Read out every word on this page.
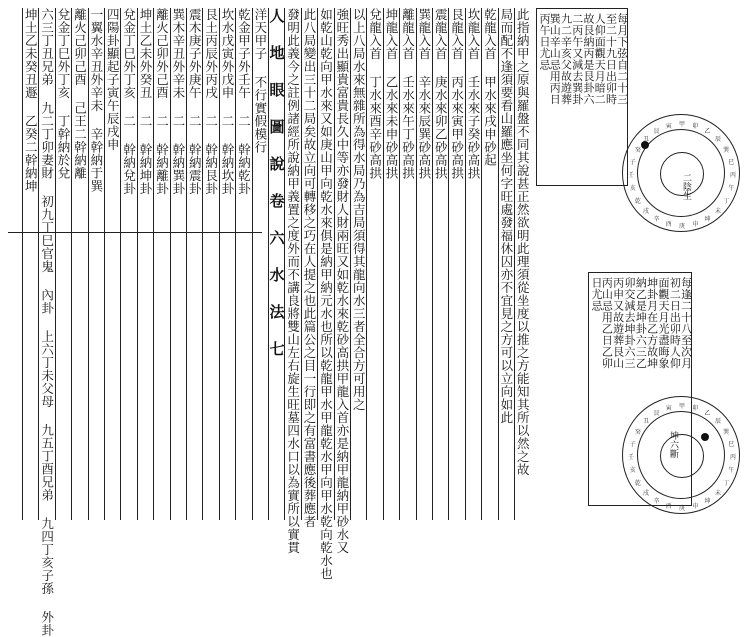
此指納甲之原與羅盤不同其說甚正然欲明此理須從坐度以推之方能知其所以然之故
局而配不逢須要看山羅應坐何字旺處發福休囚亦不宜見之方可以立向如此
乾龍入首 甲水來戌申砂起
坎龍入首 壬水來子癸砂高拱
艮龍入首 丙水來寅甲砂高拱
震龍入首 庚水來卯乙砂高拱
巽龍入首 辛水來辰巽砂高拱
離龍入首 壬水來午丁砂高拱
坤龍入首 乙水來未申砂高拱
兌龍入首 丁水來酉辛砂高拱
以上八局水來無雜所為得水局乃為吉局須得其龍向水三者全合方可用之
強旺秀出顯貴富貴長久中等亦發財人財兩旺又如乾水來乾砂高拱甲龍入首亦是納甲龍納甲砂水又
如乾山乾向甲水來又如庚山甲向乾水來俱是納甲納元水也所以乾龍甲水甲龍乾水甲向甲水乾向乾水也
此八局變出三十二局矣故立向可轉移之巧在人提之也此篇公之目一行即之有富書應後葬應者
發明此義今之註例諸經所說納甲義置之度外而不講良將雙山左右旋生旺墓四水口以為實所以實貫
人 地 眼 圖 說 卷 六 水 法 七
洋天甲子 不行實假模行
乾金甲子外壬午 二 幹納乾卦
坎水戊寅外戊申 二 幹納坎卦
艮土丙辰外丙戌 二 幹納艮卦
震木庚子外庚午 二 幹納震卦
巽木辛丑外辛未 二 幹納巽卦
離火己卯外己酉 二 幹納離卦
坤土乙未外癸丑 二 幹納坤卦
兌金丁巳外丁亥 二 幹納兌卦
四陽卦顯起子寅午辰戌申
一翼水辛丑外辛未 辛幹納于巽
離火己卯己酉 己王二幹納離
兌金丁巳外丁亥 丁幹納於兌
六三丁丑兄弟 九二丁卯妻財 初九丁巳官鬼 內卦 上六丁未父母 九五丁酉兄弟 九四丁亥子孫 外卦
坤土乙未癸丑遯 乙癸二幹納坤	每月下弦自二十三
至二十九日出卯時
人仰面觀天月暗二
故艮納丙是艮卦六
二丙午又減去巽卦
九二辛亥父故遊葬
巽山辛山忌用丙日
丙午日尤忌
每逢二十八至次月
初二日出卯時人仰
面觀天月光盡晦象
坤卦月在乙方故坤
納乙是坤卦六三乙
卯交減去坤卦六三
丙申又故遊葬艮山
丙山忌用乙日乙卯
日尤忌
二陰生
甲 卯
乙
辰
巽
巳
丙
午
丁
未
坤
申
庚
酉
辛
戌
乾
亥
壬
子
癸
丑
艮
寅
坤六斷
甲 卯
乙
辰
巽
巳
丙
午
丁
未
坤
申
庚
酉
辛
戌
乾
亥
壬
子
癸
丑
艮
寅
